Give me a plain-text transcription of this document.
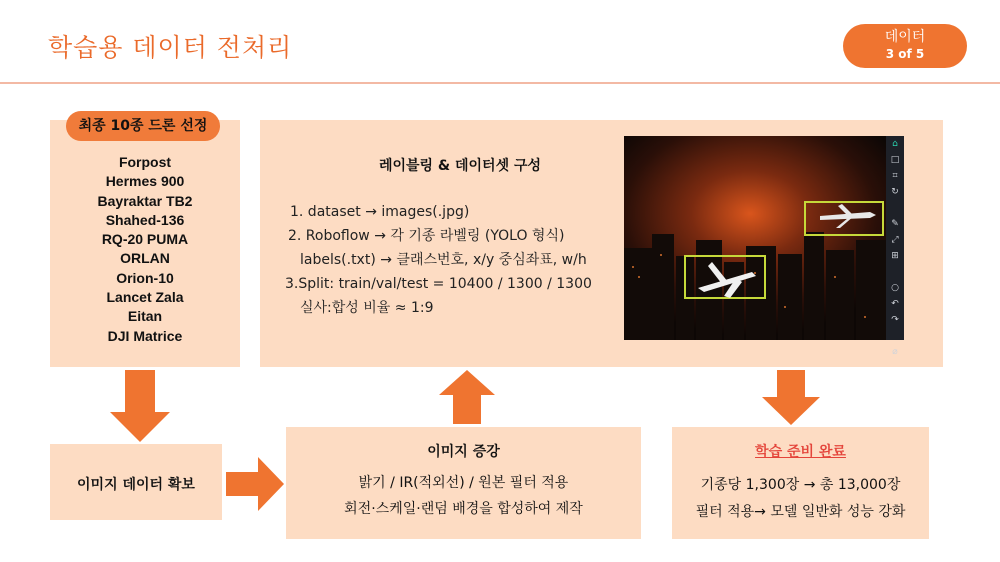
학습용 데이터 전처리	데이터
3 of 5
최종 10종 드론 선정
Forpost
Hermes 900
Bayraktar TB2
Shahed-136
RQ-20 PUMA
ORLAN
Orion-10
Lancet Zala
Eitan
DJI Matrice
레이블링 & 데이터셋 구성
1. dataset → images(.jpg)
2. Roboflow → 각 기종 라벨링 (YOLO 형식)
labels(.txt) → 클래스번호, x/y 중심좌표, w/h
3.Split: train/val/test = 10400 / 1300 / 1300
실사:합성 비율 ≈ 1:9
⌂
□
⌗
↻
✎
⤢
⊞
○
↶
↷
⌀
이미지 데이터 확보
이미지 증강
밝기 / IR(적외선) / 원본 필터 적용
회전·스케일·랜덤 배경을 합성하여 제작
학습 준비 완료
기종당 1,300장 → 총 13,000장
필터 적용→ 모델 일반화 성능 강화
